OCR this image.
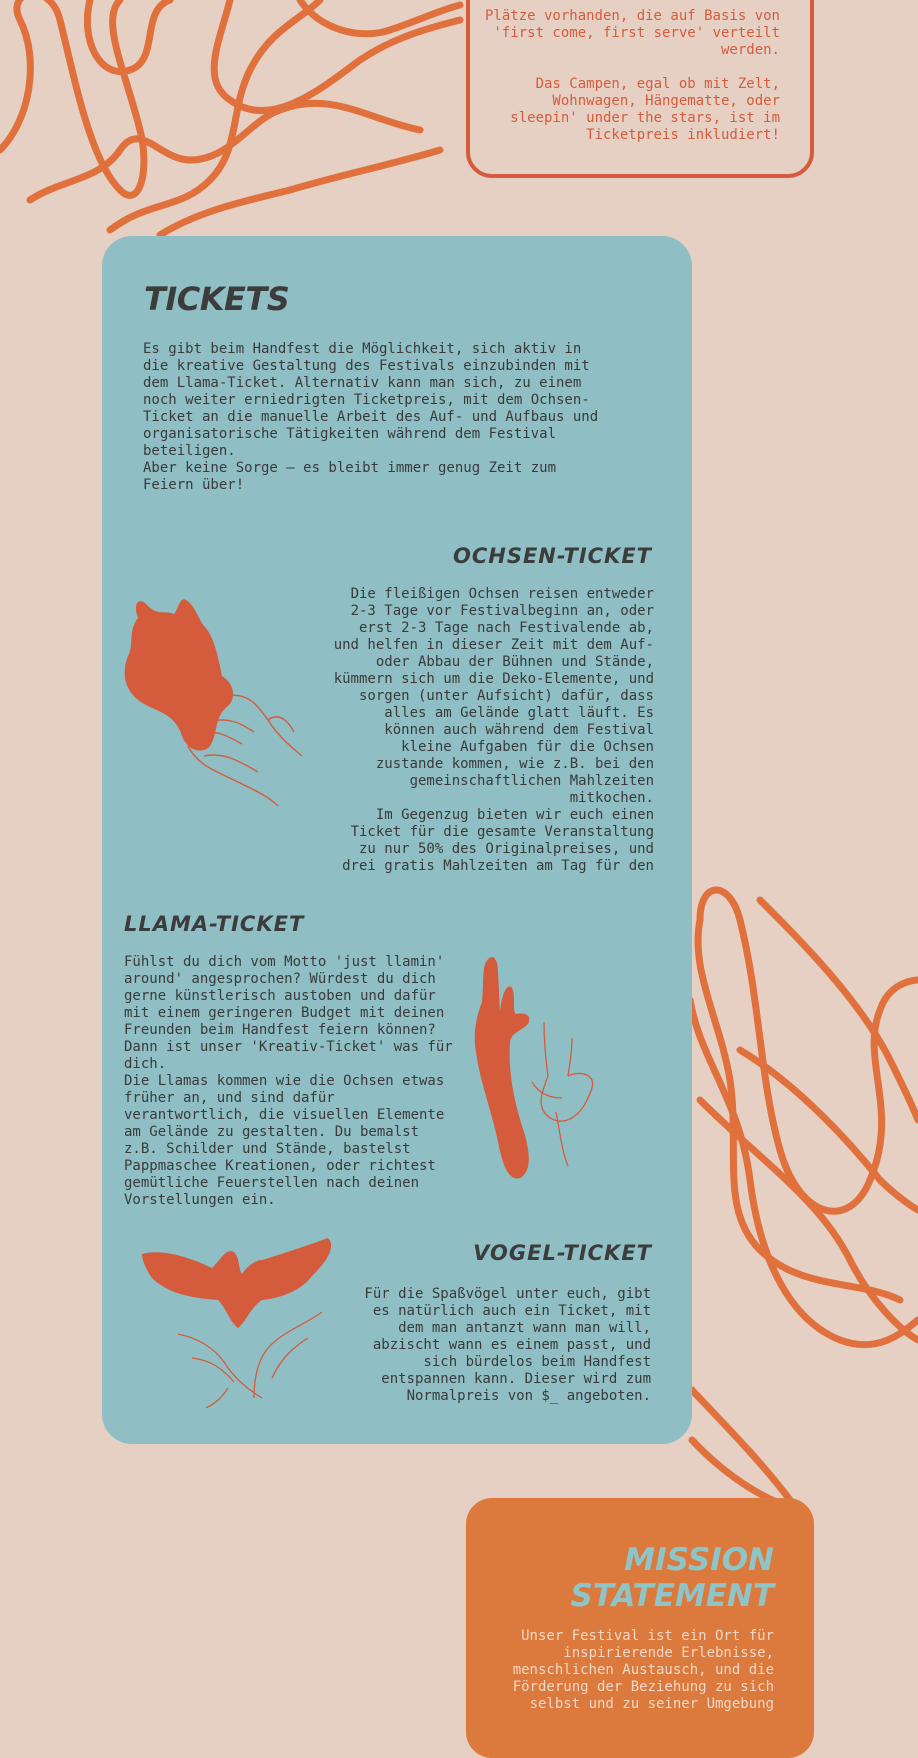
Plätze vorhanden, die auf Basis von 'first come, first serve' verteilt werden.

Das Campen, egal ob mit Zelt, Wohnwagen, Hängematte, oder sleepin' under the stars, ist im Ticketpreis inkludiert!

TICKETS

Es gibt beim Handfest die Möglichkeit, sich aktiv in die kreative Gestaltung des Festivals einzubinden mit dem Llama-Ticket. Alternativ kann man sich, zu einem noch weiter erniedrigten Ticketpreis, mit dem Ochsen-Ticket an die manuelle Arbeit des Auf- und Aufbaus und organisatorische Tätigkeiten während dem Festival beteiligen.

Aber keine Sorge – es bleibt immer genug Zeit zum Feiern über!

OCHSEN-TICKET

Die fleißigen Ochsen reisen entweder 2-3 Tage vor Festivalbeginn an, oder erst 2-3 Tage nach Festivalende ab, und helfen in dieser Zeit mit dem Auf- oder Abbau der Bühnen und Stände, kümmern sich um die Deko-Elemente, und sorgen (unter Aufsicht) dafür, dass alles am Gelände glatt läuft. Es können auch während dem Festival kleine Aufgaben für die Ochsen zustande kommen, wie z.B. bei den gemeinschaftlichen Mahlzeiten mitkochen.

Im Gegenzug bieten wir euch einen Ticket für die gesamte Veranstaltung zu nur 50% des Originalpreises, und drei gratis Mahlzeiten am Tag für den

LLAMA-TICKET

Fühlst du dich vom Motto 'just llamin' around' angesprochen? Würdest du dich gerne künstlerisch austoben und dafür mit einem geringeren Budget mit deinen Freunden beim Handfest feiern können? Dann ist unser 'Kreativ-Ticket' was für dich.

Die Llamas kommen wie die Ochsen etwas früher an, und sind dafür verantwortlich, die visuellen Elemente am Gelände zu gestalten. Du bemalst z.B. Schilder und Stände, bastelst Pappmaschee Kreationen, oder richtest gemütliche Feuerstellen nach deinen Vorstellungen ein.

VOGEL-TICKET

Für die Spaßvögel unter euch, gibt es natürlich auch ein Ticket, mit dem man antanzt wann man will, abzischt wann es einem passt, und sich bürdelos beim Handfest entspannen kann. Dieser wird zum Normalpreis von $_ angeboten.

MISSION STATEMENT

Unser Festival ist ein Ort für inspirierende Erlebnisse, menschlichen Austausch, und die Förderung der Beziehung zu sich selbst und zu seiner Umgebung
